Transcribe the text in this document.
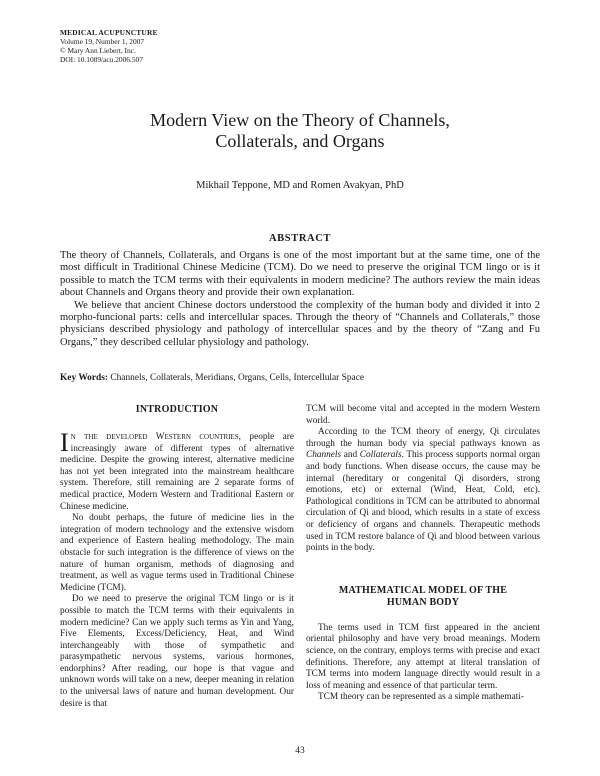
MEDICAL ACUPUNCTURE
Volume 19, Number 1, 2007
© Mary Ann Liebert, Inc.
DOI: 10.1089/acu.2006.507
Modern View on the Theory of Channels,
Collaterals, and Organs
Mikhail Teppone, MD and Romen Avakyan, PhD
ABSTRACT

The theory of Channels, Collaterals, and Organs is one of the most important but at the same time, one of the most difficult in Traditional Chinese Medicine (TCM). Do we need to preserve the original TCM lingo or is it possible to match the TCM terms with their equivalents in modern medicine? The authors review the main ideas about Channels and Organs theory and provide their own explanation.

We believe that ancient Chinese doctors understood the complexity of the human body and divided it into 2 morpho-funcional parts: cells and intercellular spaces. Through the theory of “Channels and Collaterals,” those physicians described physiology and pathology of intercellular spaces and by the theory of “Zang and Fu Organs,” they described cellular physiology and pathology.

Key Words: Channels, Collaterals, Meridians, Organs, Cells, Intercellular Space
INTRODUCTION

In the developed Western countries, people are increasingly aware of different types of alternative medicine. Despite the growing interest, alternative medicine has not yet been integrated into the mainstream healthcare system. Therefore, still remaining are 2 separate forms of medical practice, Modern Western and Traditional Eastern or Chinese medicine.

No doubt perhaps, the future of medicine lies in the integration of modern technology and the extensive wisdom and experience of Eastern healing methodology. The main obstacle for such integration is the difference of views on the nature of human organism, methods of diagnosing and treatment, as well as vague terms used in Traditional Chinese Medicine (TCM).

Do we need to preserve the original TCM lingo or is it possible to match the TCM terms with their equivalents in modern medicine? Can we apply such terms as Yin and Yang, Five Elements, Excess/Deficiency, Heat, and Wind interchangeably with those of sympathetic and parasympathetic nervous systems, various hormones, endorphins? After reading, our hope is that vague and unknown words will take on a new, deeper meaning in relation to the universal laws of nature and human development. Our desire is that

TCM will become vital and accepted in the modern Western world.

According to the TCM theory of energy, Qi circulates through the human body via special pathways known as Channels and Collaterals. This process supports normal organ and body functions. When disease occurs, the cause may be internal (hereditary or congenital Qi disorders, strong emotions, etc) or external (Wind, Heat, Cold, etc). Pathological conditions in TCM can be attributed to abnormal circulation of Qi and blood, which results in a state of excess or deficiency of organs and channels. Therapeutic methods used in TCM restore balance of Qi and blood between various points in the body.

MATHEMATICAL MODEL OF THE
HUMAN BODY

The terms used in TCM first appeared in the ancient oriental philosophy and have very broad meanings. Modern science, on the contrary, employs terms with precise and exact definitions. Therefore, any attempt at literal translation of TCM terms into modern language directly would result in a loss of meaning and essence of that particular term.

TCM theory can be represented as a simple mathemati-

43
